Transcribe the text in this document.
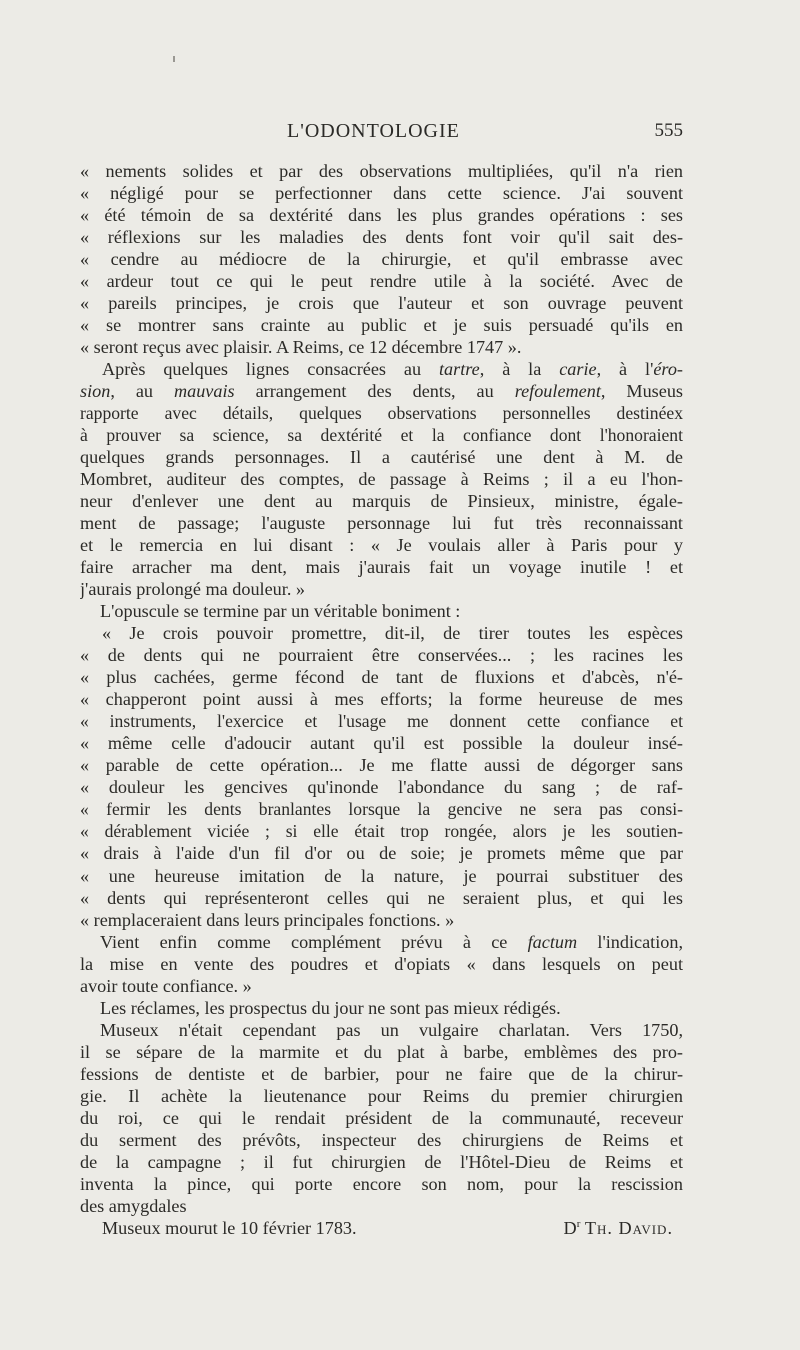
L'ODONTOLOGIE	555
« nements solides et par des observations multipliées, qu'il n'a rien
« négligé pour se perfectionner dans cette science. J'ai souvent
« été témoin de sa dextérité dans les plus grandes opérations : ses
« réflexions sur les maladies des dents font voir qu'il sait des-
« cendre au médiocre de la chirurgie, et qu'il embrasse avec
« ardeur tout ce qui le peut rendre utile à la société. Avec de
« pareils principes, je crois que l'auteur et son ouvrage peuvent
« se montrer sans crainte au public et je suis persuadé qu'ils en
« seront reçus avec plaisir. A Reims, ce 12 décembre 1747 ».
Après quelques lignes consacrées au tartre, à la carie, à l'éro-
sion, au mauvais arrangement des dents, au refoulement, Museus
rapporte avec détails, quelques observations personnelles destinéex
à prouver sa science, sa dextérité et la confiance dont l'honoraient
quelques grands personnages. Il a cautérisé une dent à M. de
Mombret, auditeur des comptes, de passage à Reims ; il a eu l'hon-
neur d'enlever une dent au marquis de Pinsieux, ministre, égale-
ment de passage; l'auguste personnage lui fut très reconnaissant
et le remercia en lui disant : « Je voulais aller à Paris pour y
faire arracher ma dent, mais j'aurais fait un voyage inutile ! et
j'aurais prolongé ma douleur. »
L'opuscule se termine par un véritable boniment :
« Je crois pouvoir promettre, dit-il, de tirer toutes les espèces
« de dents qui ne pourraient être conservées... ; les racines les
« plus cachées, germe fécond de tant de fluxions et d'abcès, n'é-
« chapperont point aussi à mes efforts; la forme heureuse de mes
« instruments, l'exercice et l'usage me donnent cette confiance et
« même celle d'adoucir autant qu'il est possible la douleur insé-
« parable de cette opération... Je me flatte aussi de dégorger sans
« douleur les gencives qu'inonde l'abondance du sang ; de raf-
« fermir les dents branlantes lorsque la gencive ne sera pas consi-
« dérablement viciée ; si elle était trop rongée, alors je les soutien-
« drais à l'aide d'un fil d'or ou de soie; je promets même que par
« une heureuse imitation de la nature, je pourrai substituer des
« dents qui représenteront celles qui ne seraient plus, et qui les
« remplaceraient dans leurs principales fonctions. »
Vient enfin comme complément prévu à ce factum l'indication,
la mise en vente des poudres et d'opiats « dans lesquels on peut
avoir toute confiance. »
Les réclames, les prospectus du jour ne sont pas mieux rédigés.
Museux n'était cependant pas un vulgaire charlatan. Vers 1750,
il se sépare de la marmite et du plat à barbe, emblèmes des pro-
fessions de dentiste et de barbier, pour ne faire que de la chirur-
gie. Il achète la lieutenance pour Reims du premier chirurgien
du roi, ce qui le rendait président de la communauté, receveur
du serment des prévôts, inspecteur des chirurgiens de Reims et
de la campagne ; il fut chirurgien de l'Hôtel-Dieu de Reims et
inventa la pince, qui porte encore son nom, pour la rescission
des amygdales
Museux mourut le 10 février 1783.	$D^r$ Th. David.
